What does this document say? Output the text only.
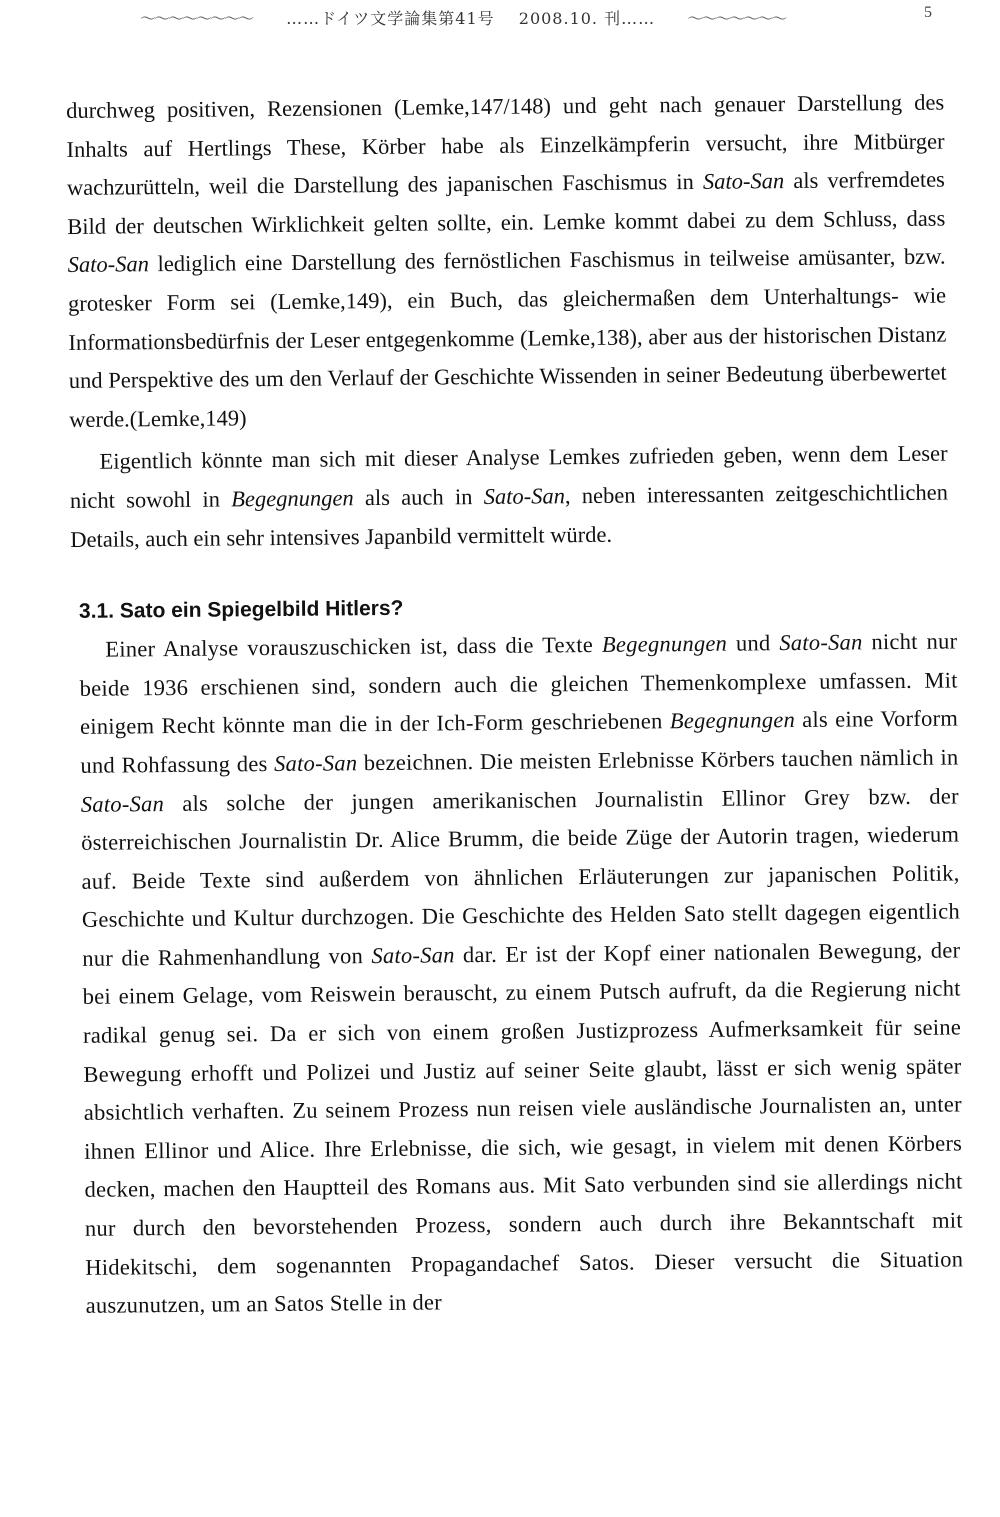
〜〜〜〜〜〜〜〜 ……ドイツ文学論集第41号 2008.10. 刊…… 〜〜〜〜〜〜〜	5

durchweg positiven, Rezensionen (Lemke,147/148) und geht nach genauer Darstellung des Inhalts auf Hertlings These, Körber habe als Einzelkämpferin versucht, ihre Mitbürger wachzurütteln, weil die Darstellung des japanischen Faschismus in Sato-San als verfremdetes Bild der deutschen Wirklichkeit gelten sollte, ein. Lemke kommt dabei zu dem Schluss, dass Sato-San lediglich eine Darstellung des fernöstlichen Faschismus in teilweise amüsanter, bzw. grotesker Form sei (Lemke,149), ein Buch, das gleichermaßen dem Unterhaltungs- wie Informationsbedürfnis der Leser entgegenkomme (Lemke,138), aber aus der historischen Distanz und Perspektive des um den Verlauf der Geschichte Wissenden in seiner Bedeutung überbewertet werde.(Lemke,149)

Eigentlich könnte man sich mit dieser Analyse Lemkes zufrieden geben, wenn dem Leser nicht sowohl in Begegnungen als auch in Sato-San, neben interessanten zeitgeschichtlichen Details, auch ein sehr intensives Japanbild vermittelt würde.

3.1. Sato ein Spiegelbild Hitlers?

Einer Analyse vorauszuschicken ist, dass die Texte Begegnungen und Sato-San nicht nur beide 1936 erschienen sind, sondern auch die gleichen Themenkomplexe umfassen. Mit einigem Recht könnte man die in der Ich-Form geschriebenen Begegnungen als eine Vorform und Rohfassung des Sato-San bezeichnen. Die meisten Erlebnisse Körbers tauchen nämlich in Sato-San als solche der jungen amerikanischen Journalistin Ellinor Grey bzw. der österreichischen Journalistin Dr. Alice Brumm, die beide Züge der Autorin tragen, wiederum auf. Beide Texte sind außerdem von ähnlichen Erläuterungen zur japanischen Politik, Geschichte und Kultur durchzogen. Die Geschichte des Helden Sato stellt dagegen eigentlich nur die Rahmenhandlung von Sato-San dar. Er ist der Kopf einer nationalen Bewegung, der bei einem Gelage, vom Reiswein berauscht, zu einem Putsch aufruft, da die Regierung nicht radikal genug sei. Da er sich von einem großen Justizprozess Aufmerksamkeit für seine Bewegung erhofft und Polizei und Justiz auf seiner Seite glaubt, lässt er sich wenig später absichtlich verhaften. Zu seinem Prozess nun reisen viele ausländische Journalisten an, unter ihnen Ellinor und Alice. Ihre Erlebnisse, die sich, wie gesagt, in vielem mit denen Körbers decken, machen den Hauptteil des Romans aus. Mit Sato verbunden sind sie allerdings nicht nur durch den bevorstehenden Prozess, sondern auch durch ihre Bekanntschaft mit Hidekitschi, dem sogenannten Propagandachef Satos. Dieser versucht die Situation auszunutzen, um an Satos Stelle in der
